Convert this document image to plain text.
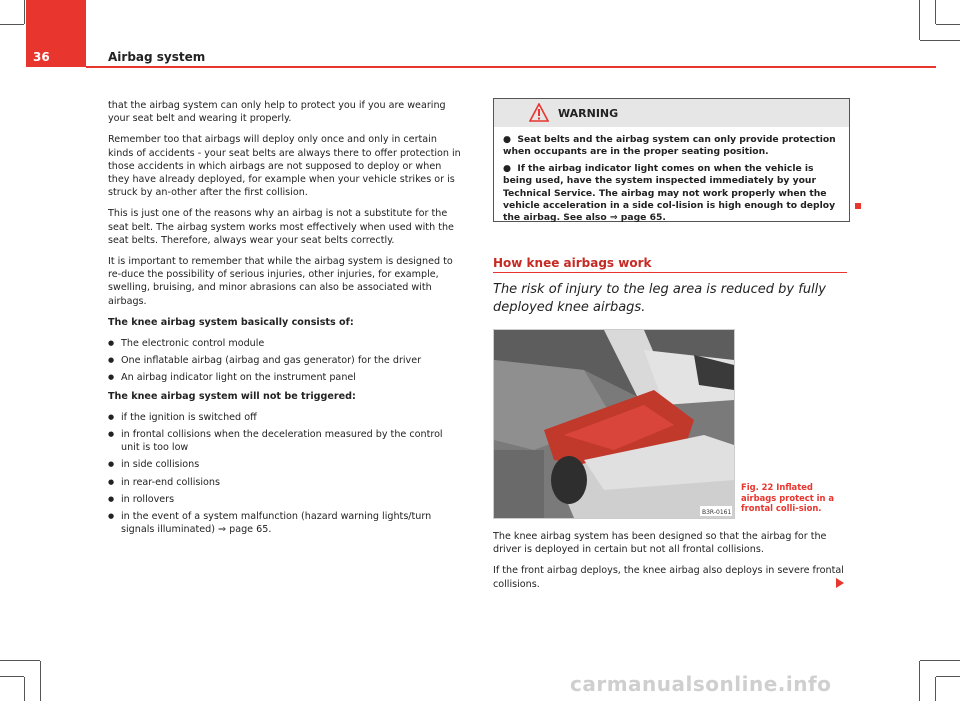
36	Airbag system

that the airbag system can only help to protect you if you are wearing your seat belt and wearing it properly.

Remember too that airbags will deploy only once and only in certain kinds of accidents - your seat belts are always there to offer protection in those accidents in which airbags are not supposed to deploy or when they have already deployed, for example when your vehicle strikes or is struck by an-other after the first collision.

This is just one of the reasons why an airbag is not a substitute for the seat belt. The airbag system works most effectively when used with the seat belts. Therefore, always wear your seat belts correctly.

It is important to remember that while the airbag system is designed to re-duce the possibility of serious injuries, other injuries, for example, swelling, bruising, and minor abrasions can also be associated with airbags.

The knee airbag system basically consists of:

● The electronic control module
● One inflatable airbag (airbag and gas generator) for the driver
● An airbag indicator light on the instrument panel

The knee airbag system will not be triggered:

● if the ignition is switched off
● in frontal collisions when the deceleration measured by the control unit is too low
● in side collisions
● in rear-end collisions
● in rollovers
● in the event of a system malfunction (hazard warning lights/turn signals illuminated) ⇒ page 65.
WARNING

●  Seat belts and the airbag system can only provide protection when occupants are in the proper seating position.

●  If the airbag indicator light comes on when the vehicle is being used, have the system inspected immediately by your Technical Service. The airbag may not work properly when the vehicle acceleration in a side col-lision is high enough to deploy the airbag. See also ⇒ page 65.

How knee airbags work
The risk of injury to the leg area is reduced by fully deployed knee airbags.
B3R-0161
Fig. 22 Inflated airbags protect in a frontal colli-sion.

The knee airbag system has been designed so that the airbag for the driver is deployed in certain but not all frontal collisions.

If the front airbag deploys, the knee airbag also deploys in severe frontal collisions.

carmanualsonline.info
